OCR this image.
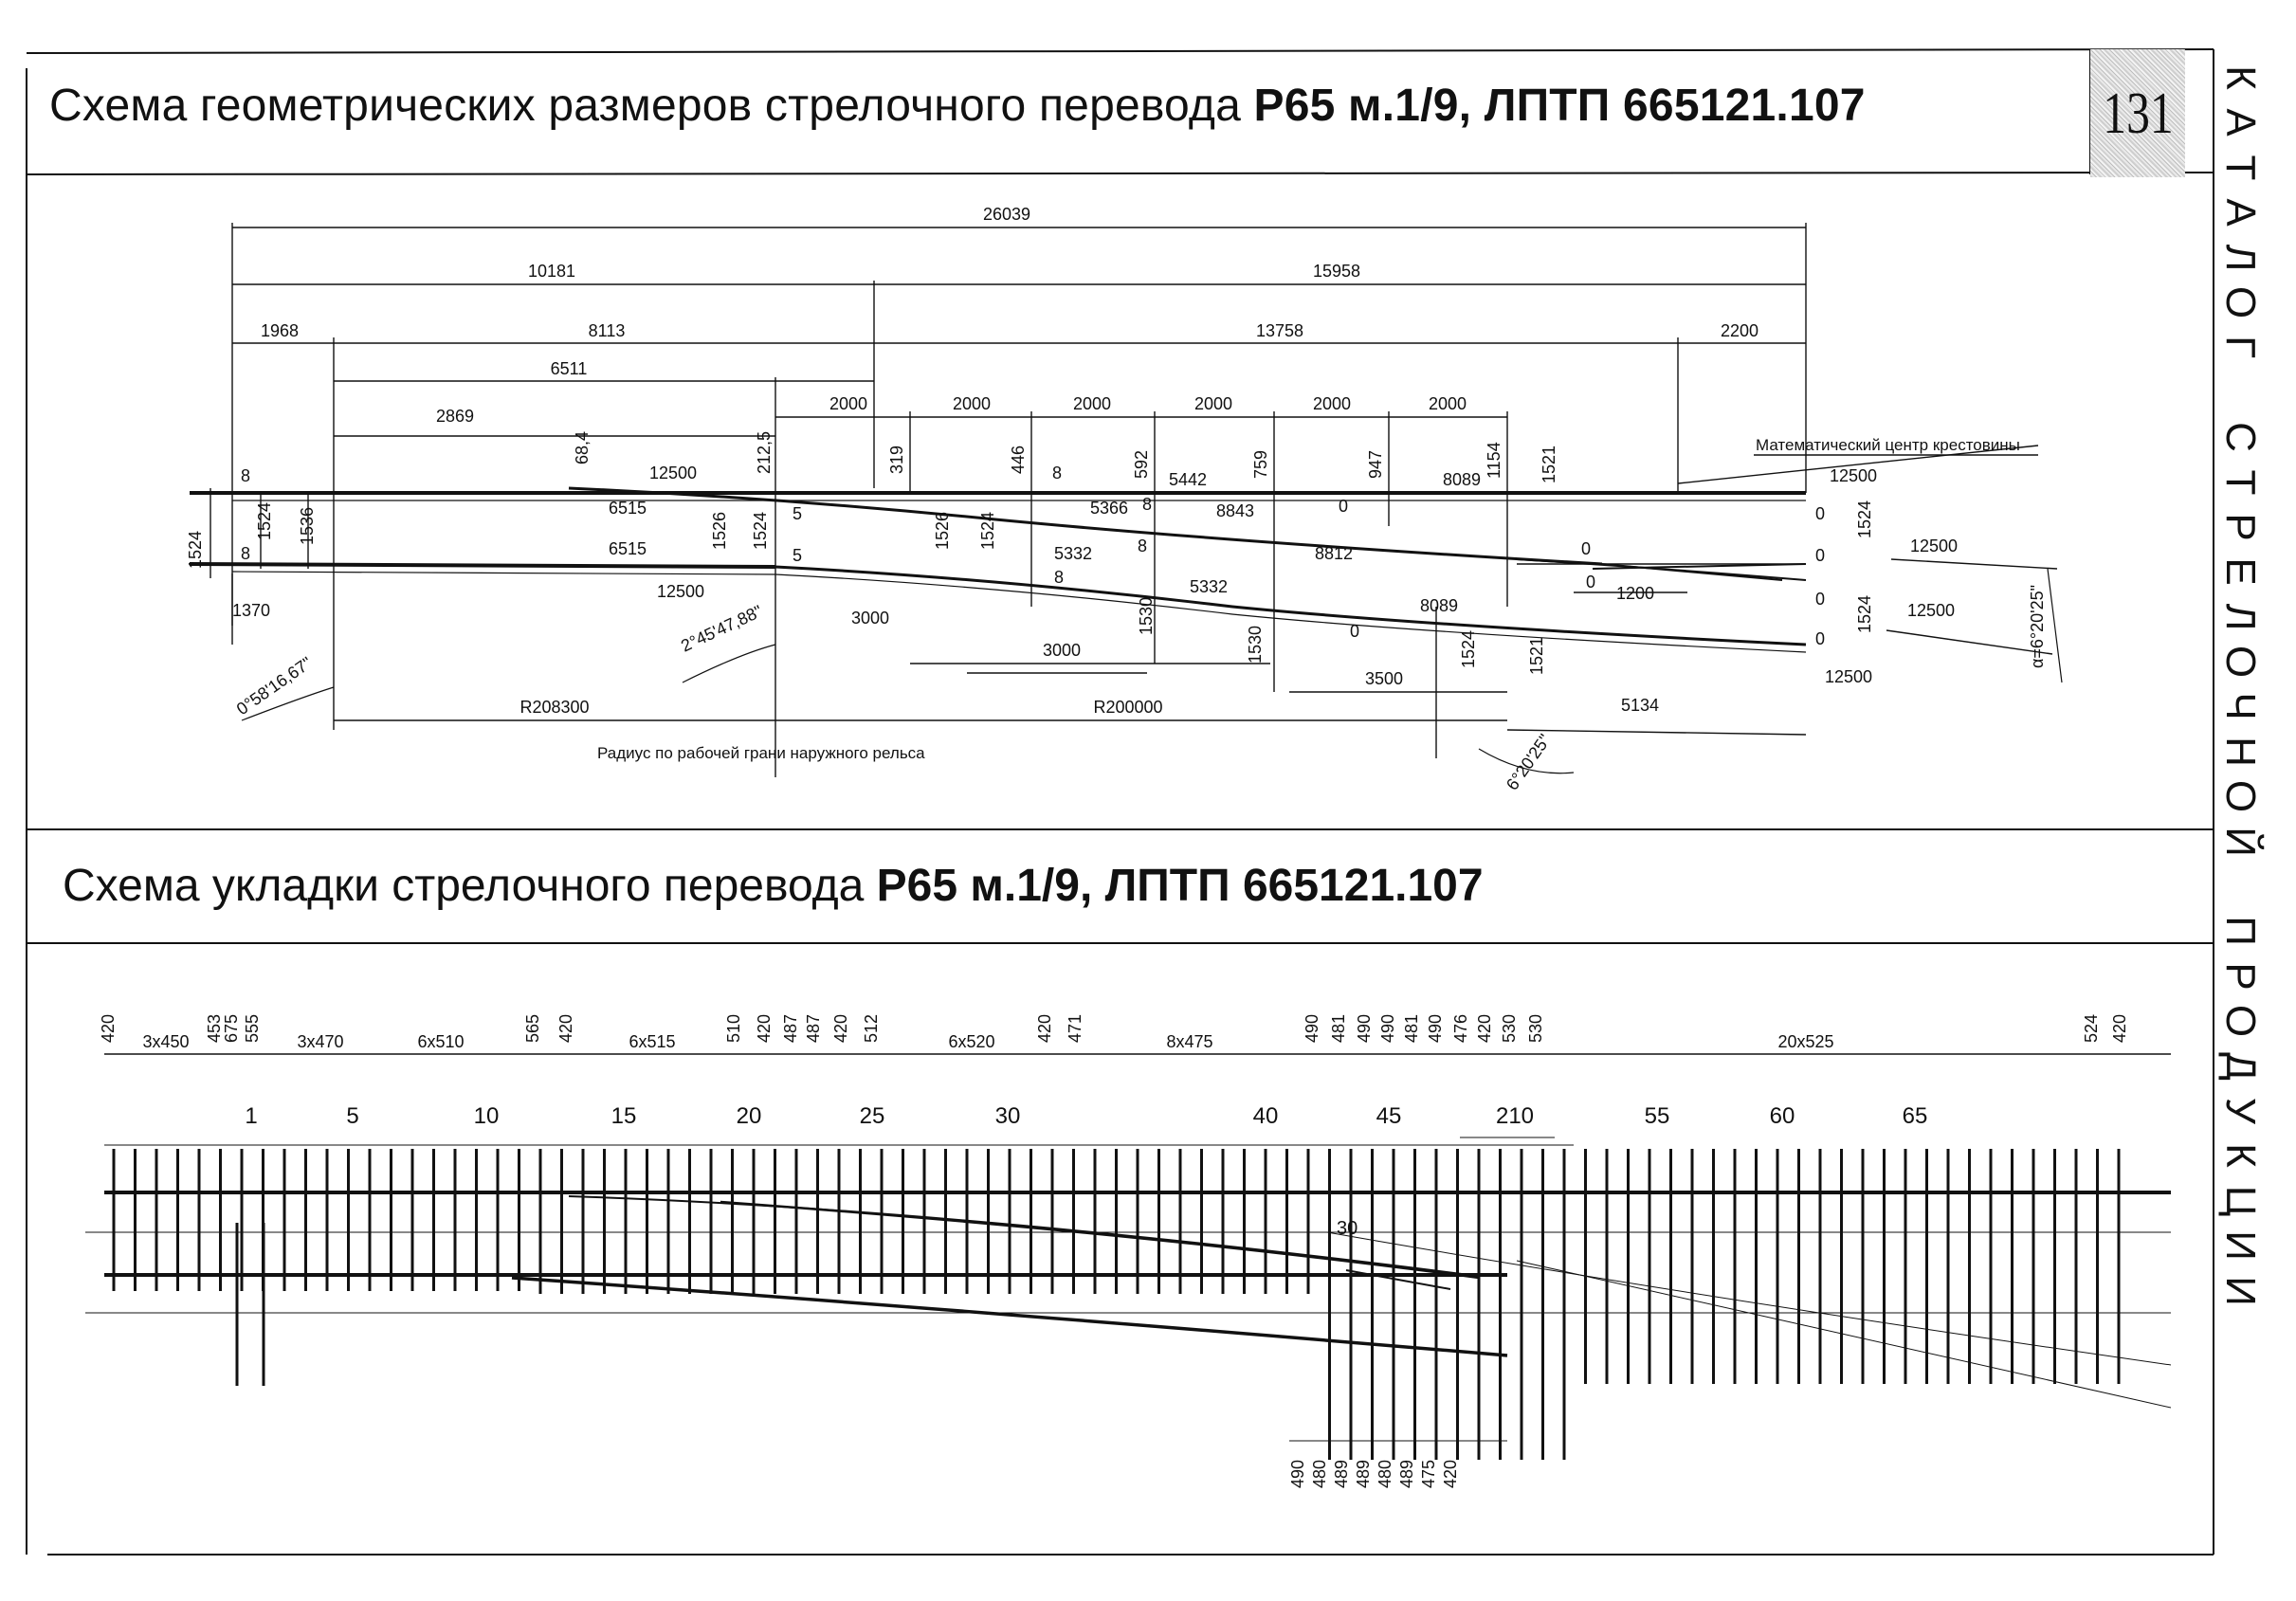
26039
10181	15958
1968	8113	13758	2200
6511
2869
2000	2000	2000	2000	2000	2000
68,4	212,5	319	446	592	759	947	1154 1521
12500
6515
6515
12500
5366
5332
5332
5442
8843
8812
8089
8089
1200
12500
12500
12500
12500
1524
1524 1536
1370
1526 1524	1526 1524	1524
1524
1530
1530	1524	1521
3000
3000
3500
5134
R208300	R200000
0°58'16,67"
2°45'47,88"
6°20'25"
α=6°20'25"
8
8
5
5
8
8
8
8
0
0
0
0
0
0
0
0
Радиус по рабочей грани наружного рельса
Математический центр крестовины
420 3x450 453
675 555 3x470	6x510	565 420	6x515	510 420 487 487 420 512	6x520 420 471	8x475	490 481 490 490 481 490 476 420 530 530	20x525	524 420
1	5	10	15	20	25	30	40	45	210	55	60	65
490 480 489 489 480 489 475 420
30
Схема геометрических размеров стрелочного перевода Р65 м.1/9, ЛПТП 665121.107
Схема укладки стрелочного перевода Р65 м.1/9, ЛПТП 665121.107
131
К
А
Т
А
Л
О
Г

С
Т
Р
Е
Л
О
Ч
Н
О
Й

П
Р
О
Д
У
К
Ц
И
И
